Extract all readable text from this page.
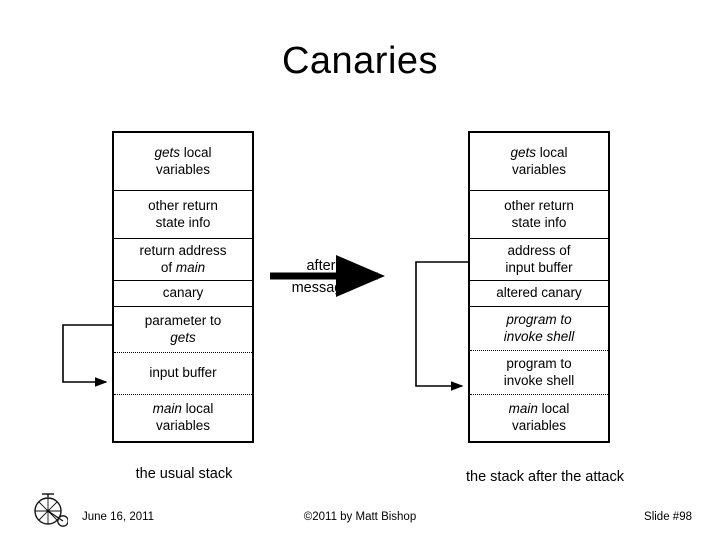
Canaries
gets local
variables
other return
state info
return address
of main
canary
parameter to
gets
input buffer
main local
variables
gets local
variables
other return
state info
address of
input buffer
altered canary
program to
invoke shell
program to
invoke shell
main local
variables
after
message
the usual stack	the stack after the attack
June 16, 2011	©2011 by Matt Bishop	Slide #98
